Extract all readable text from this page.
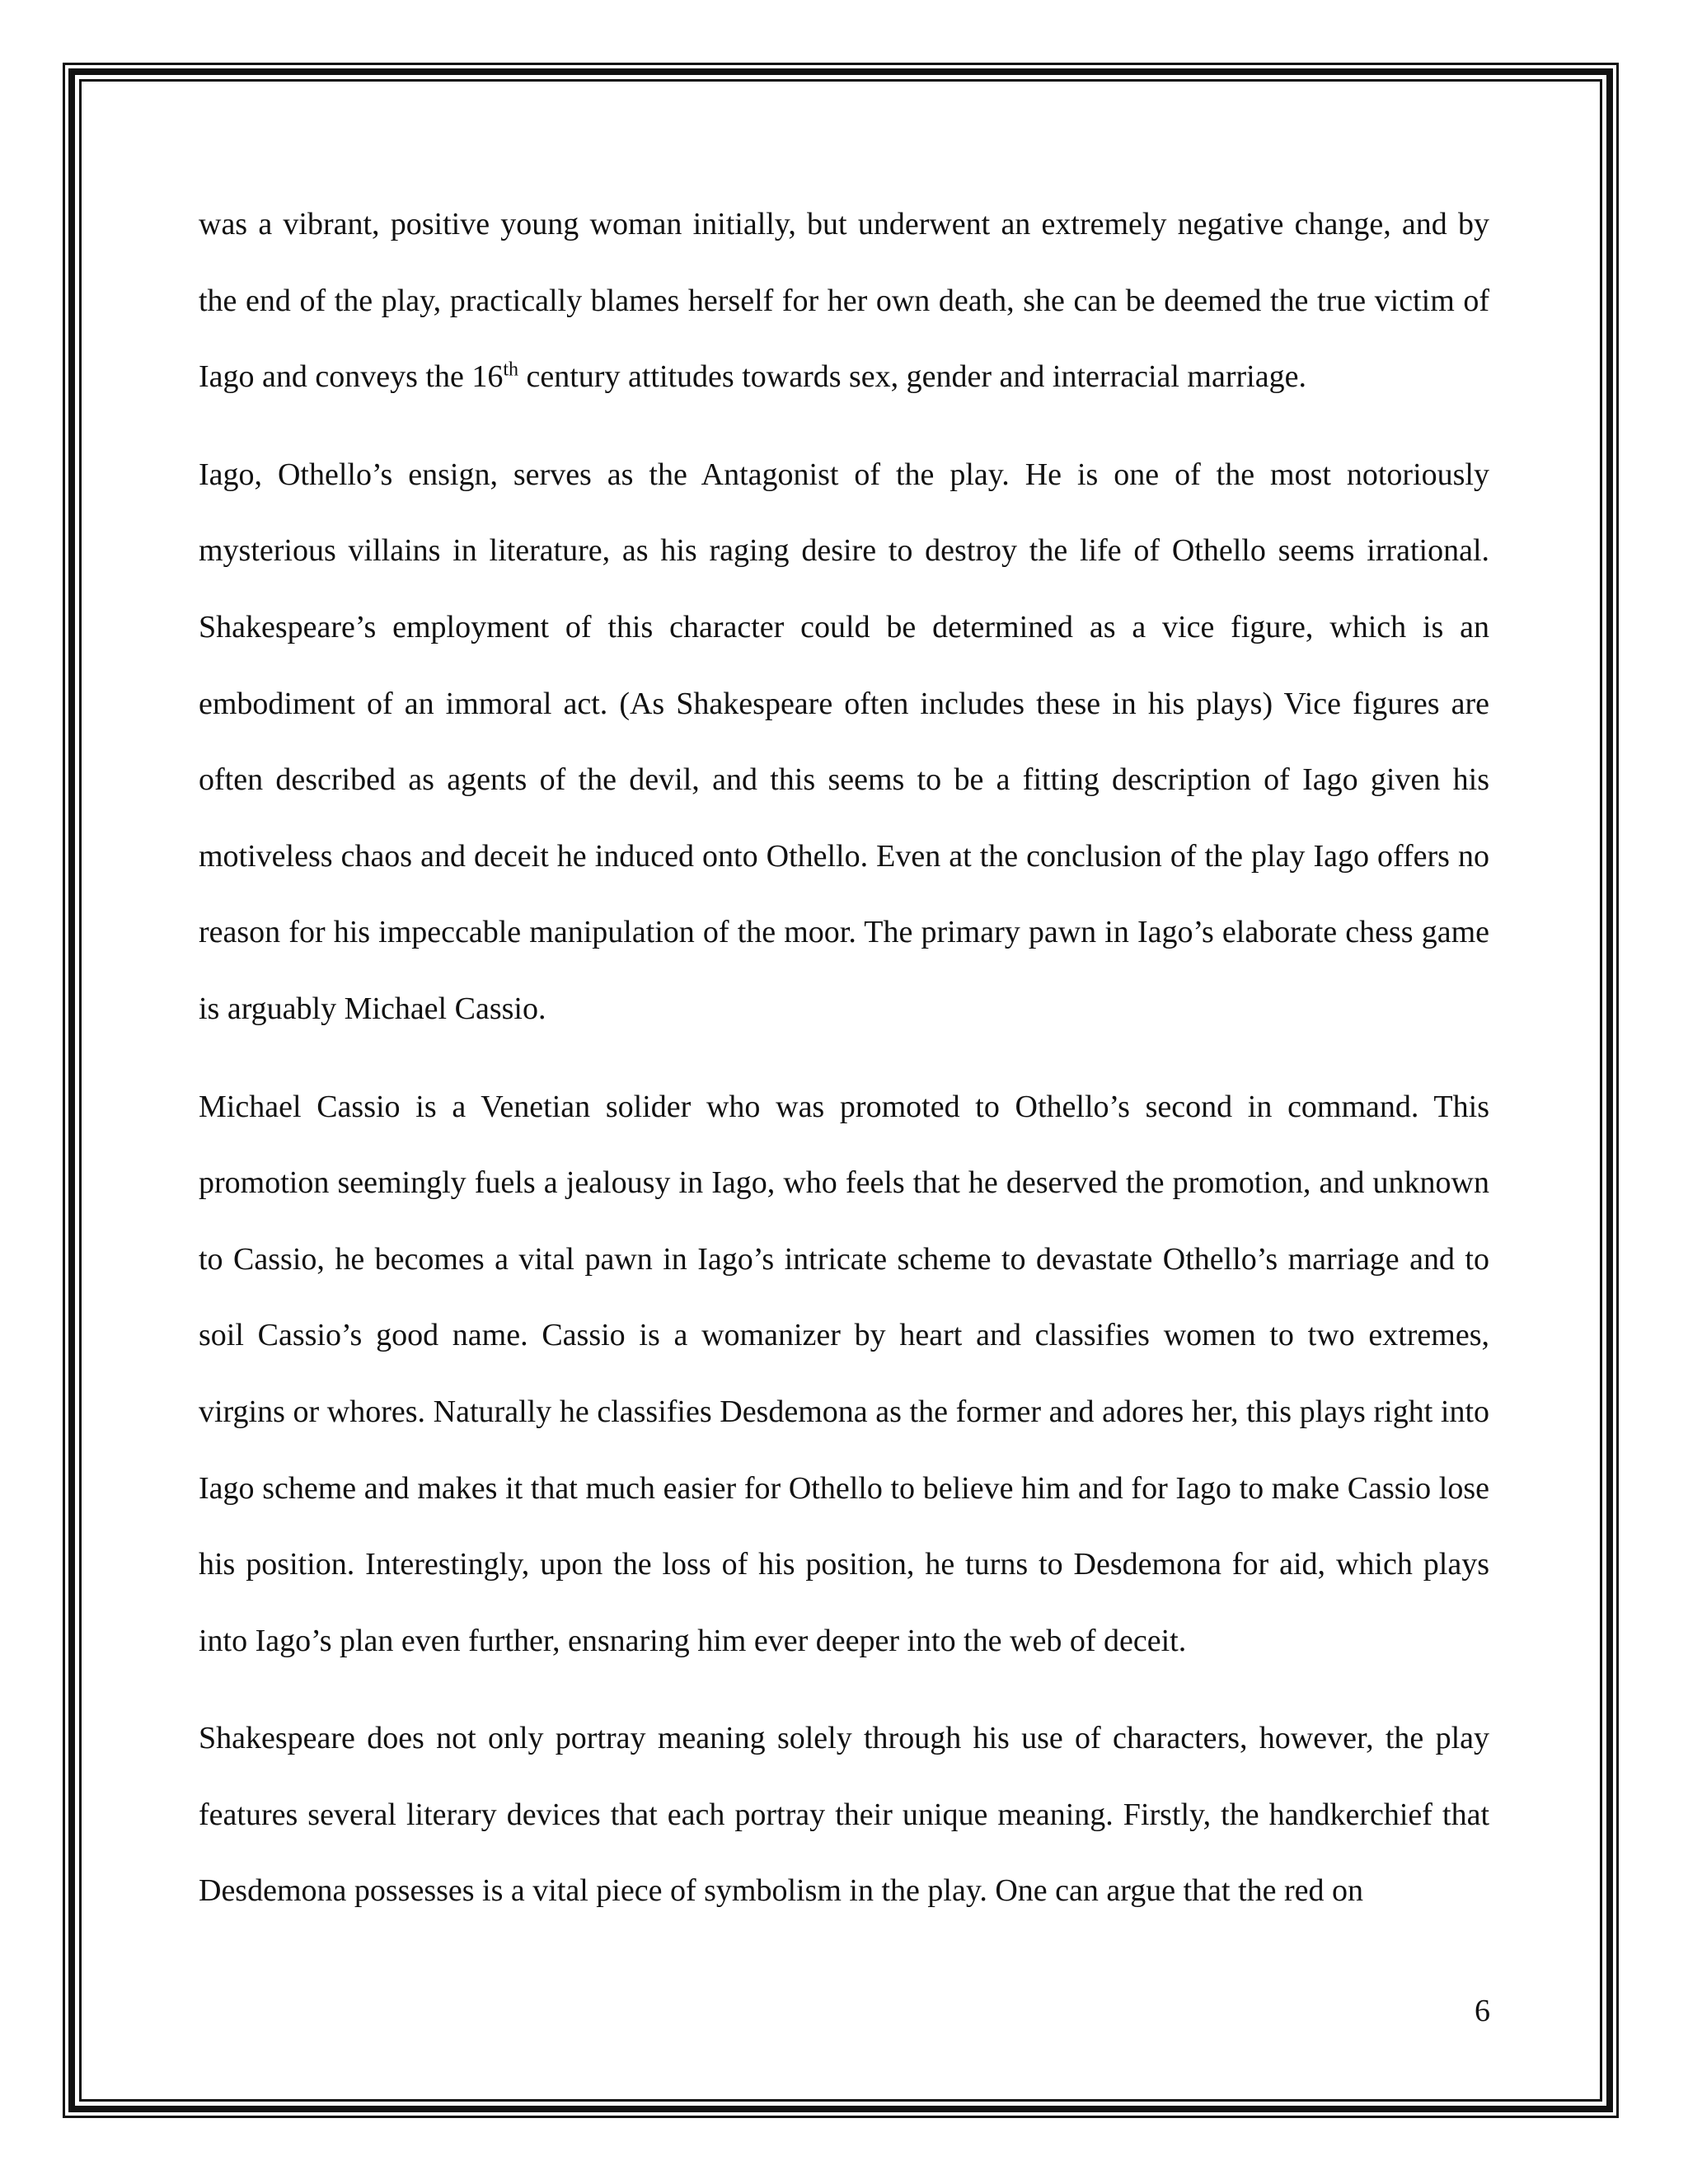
was a vibrant, positive young woman initially, but underwent an extremely negative change, and by the end of the play, practically blames herself for her own death, she can be deemed the true victim of Iago and conveys the 16th century attitudes towards sex, gender and interracial marriage.

Iago, Othello’s ensign, serves as the Antagonist of the play. He is one of the most notoriously mysterious villains in literature, as his raging desire to destroy the life of Othello seems irrational. Shakespeare’s employment of this character could be determined as a vice figure, which is an embodiment of an immoral act. (As Shakespeare often includes these in his plays) Vice figures are often described as agents of the devil, and this seems to be a fitting description of Iago given his motiveless chaos and deceit he induced onto Othello. Even at the conclusion of the play Iago offers no reason for his impeccable manipulation of the moor. The primary pawn in Iago’s elaborate chess game is arguably Michael Cassio.

Michael Cassio is a Venetian solider who was promoted to Othello’s second in command. This promotion seemingly fuels a jealousy in Iago, who feels that he deserved the promotion, and unknown to Cassio, he becomes a vital pawn in Iago’s intricate scheme to devastate Othello’s marriage and to soil Cassio’s good name. Cassio is a womanizer by heart and classifies women to two extremes, virgins or whores. Naturally he classifies Desdemona as the former and adores her, this plays right into Iago scheme and makes it that much easier for Othello to believe him and for Iago to make Cassio lose his position. Interestingly, upon the loss of his position, he turns to Desdemona for aid, which plays into Iago’s plan even further, ensnaring him ever deeper into the web of deceit.

Shakespeare does not only portray meaning solely through his use of characters, however, the play features several literary devices that each portray their unique meaning. Firstly, the handkerchief that Desdemona possesses is a vital piece of symbolism in the play. One can argue that the red on

6
